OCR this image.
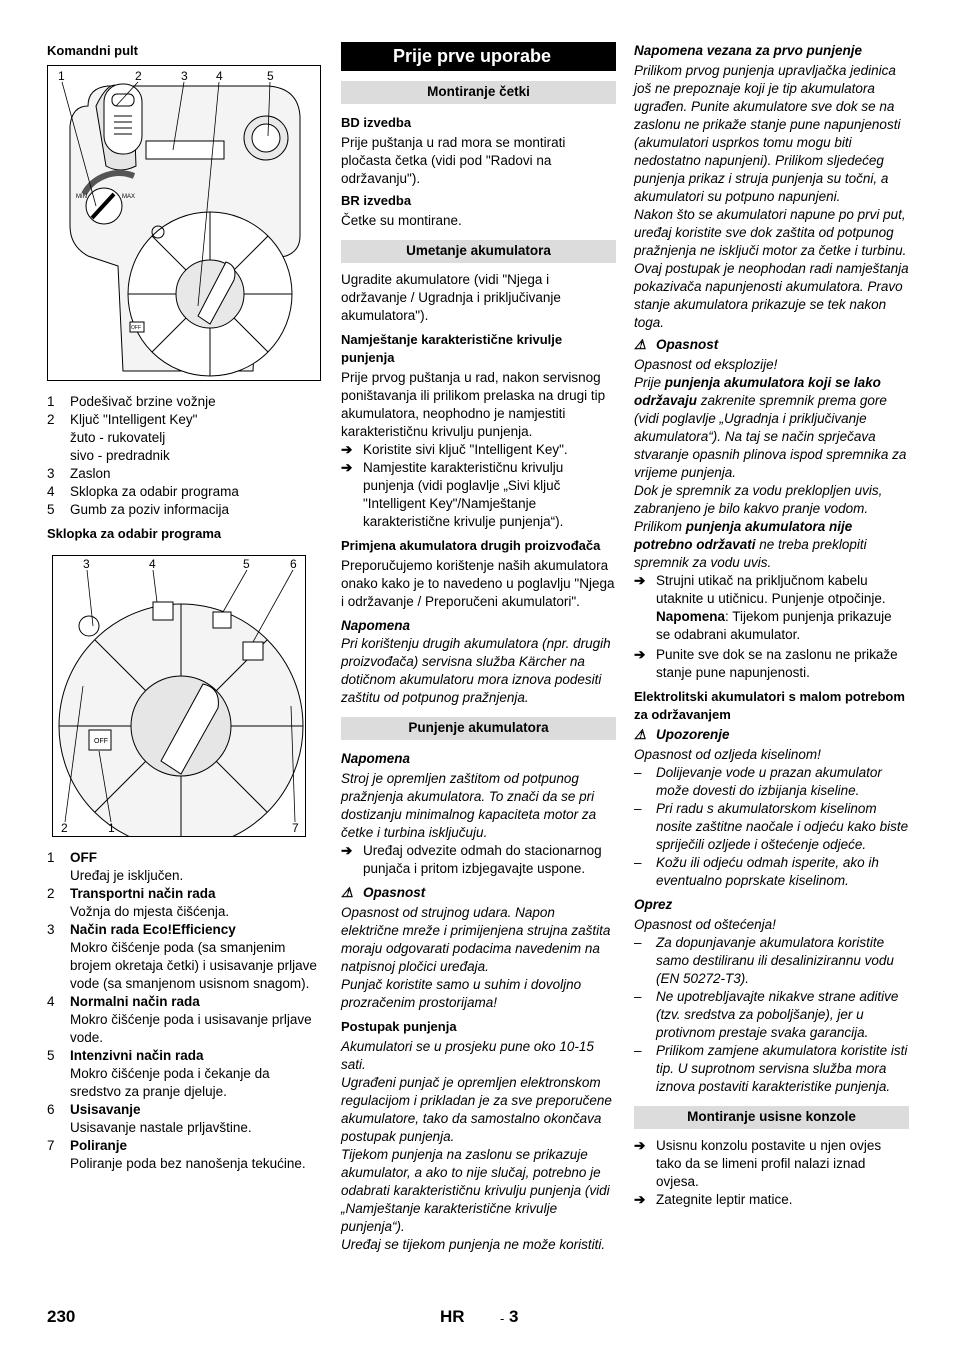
Komandni pult

MIN	MAX
OFF
1	2	3 4	5
1	Podešivač brzine vožnje
2	Ključ "Intelligent Key"
žuto - rukovatelj
sivo - predradnik
3	Zaslon
4	Sklopka za odabir programa
5	Gumb za poziv informacija

Sklopka za odabir programa

OFF
3	4	5	6
2	1	7
1	OFF
Uređaj je isključen.
2	Transportni način rada
Vožnja do mjesta čišćenja.
3	Način rada Eco!Efficiency
Mokro čišćenje poda (sa smanjenim brojem okretaja četki) i usisavanje prljave vode (sa smanjenom usisnom snagom).
4	Normalni način rada
Mokro čišćenje poda i usisavanje prljave vode.
5	Intenzivni način rada
Mokro čišćenje poda i čekanje da sredstvo za pranje djeluje.
6	Usisavanje
Usisavanje nastale prljavštine.
7	Poliranje
Poliranje poda bez nanošenja tekućine.
Prije prve uporabe
Montiranje četki

BD izvedba

Prije puštanja u rad mora se montirati pločasta četka (vidi pod "Radovi na održavanju").

BR izvedba

Četke su montirane.

Umetanje akumulatora

Ugradite akumulatore (vidi "Njega i održavanje / Ugradnja i priključivanje akumulatora").

Namještanje karakteristične krivulje punjenja

Prije prvog puštanja u rad, nakon servisnog poništavanja ili prilikom prelaska na drugi tip akumulatora, neophodno je namjestiti karakterističnu krivulju punjenja.

➔ Koristite sivi ključ "Intelligent Key".
➔ Namjestite karakterističnu krivulju punjenja (vidi poglavlje „Sivi ključ "Intelligent Key"/Namještanje karakteristične krivulje punjenja“).

Primjena akumulatora drugih proizvođača

Preporučujemo korištenje naših akumulatora onako kako je to navedeno u poglavlju "Njega i održavanje / Preporučeni akumulatori".

Napomena

Pri korištenju drugih akumulatora (npr. drugih proizvođača) servisna služba Kärcher na dotičnom akumulatoru mora iznova podesiti zaštitu od potpunog pražnjenja.

Punjenje akumulatora

Napomena

Stroj je opremljen zaštitom od potpunog pražnjenja akumulatora. To znači da se pri dostizanju minimalnog kapaciteta motor za četke i turbina isključuju.

➔ Uređaj odvezite odmah do stacionarnog punjača i pritom izbjegavajte uspone.
⚠ Opasnost

Opasnost od strujnog udara. Napon električne mreže i primijenjena strujna zaštita moraju odgovarati podacima navedenim na natpisnoj pločici uređaja.

Punjač koristite samo u suhim i dovoljno prozračenim prostorijama!

Postupak punjenja

Akumulatori se u prosjeku pune oko 10-15 sati.

Ugrađeni punjač je opremljen elektronskom regulacijom i prikladan je za sve preporučene akumulatore, tako da samostalno okončava postupak punjenja.

Tijekom punjenja na zaslonu se prikazuje akumulator, a ako to nije slučaj, potrebno je odabrati karakterističnu krivulju punjenja (vidi „Namještanje karakteristične krivulje punjenja“).

Uređaj se tijekom punjenja ne može koristiti.

Napomena vezana za prvo punjenje

Prilikom prvog punjenja upravljačka jedinica još ne prepoznaje koji je tip akumulatora ugrađen. Punite akumulatore sve dok se na zaslonu ne prikaže stanje pune napunjenosti (akumulatori usprkos tomu mogu biti nedostatno napunjeni). Prilikom sljedećeg punjenja prikaz i struja punjenja su točni, a akumulatori su potpuno napunjeni.

Nakon što se akumulatori napune po prvi put, uređaj koristite sve dok zaštita od potpunog pražnjenja ne isključi motor za četke i turbinu. Ovaj postupak je neophodan radi namještanja pokazivača napunjenosti akumulatora. Pravo stanje akumulatora prikazuje se tek nakon toga.

⚠ Opasnost

Opasnost od eksplozije!

Prije punjenja akumulatora koji se lako održavaju zakrenite spremnik prema gore (vidi poglavlje „Ugradnja i priključivanje akumulatora“). Na taj se način sprječava stvaranje opasnih plinova ispod spremnika za vrijeme punjenja.

Dok je spremnik za vodu preklopljen uvis, zabranjeno je bilo kakvo pranje vodom.

Prilikom punjenja akumulatora nije potrebno održavati ne treba preklopiti spremnik za vodu uvis.

➔ Strujni utikač na priključnom kabelu utaknite u utičnicu. Punjenje otpočinje.
Napomena: Tijekom punjenja prikazuje se odabrani akumulator.
➔ Punite sve dok se na zaslonu ne prikaže stanje pune napunjenosti.

Elektrolitski akumulatori s malom potrebom za održavanjem

⚠ Upozorenje

Opasnost od ozljeda kiselinom!

–	Dolijevanje vode u prazan akumulator može dovesti do izbijanja kiseline.
–	Pri radu s akumulatorskom kiselinom nosite zaštitne naočale i odjeću kako biste spriječili ozljede i oštećenje odjeće.
–	Kožu ili odjeću odmah isperite, ako ih eventualno poprskate kiselinom.

Oprez

Opasnost od oštećenja!

–	Za dopunjavanje akumulatora koristite samo destiliranu ili desalinizirannu vodu (EN 50272-T3).
–	Ne upotrebljavajte nikakve strane aditive (tzv. sredstva za poboljšanje), jer u protivnom prestaje svaka garancija.
–	Prilikom zamjene akumulatora koristite isti tip. U suprotnom servisna služba mora iznova postaviti karakteristike punjenja.
Montiranje usisne konzole
➔ Usisnu konzolu postavite u njen ovjes tako da se limeni profil nalazi iznad ovjesa.
➔ Zategnite leptir matice.
230	HR	- 3
